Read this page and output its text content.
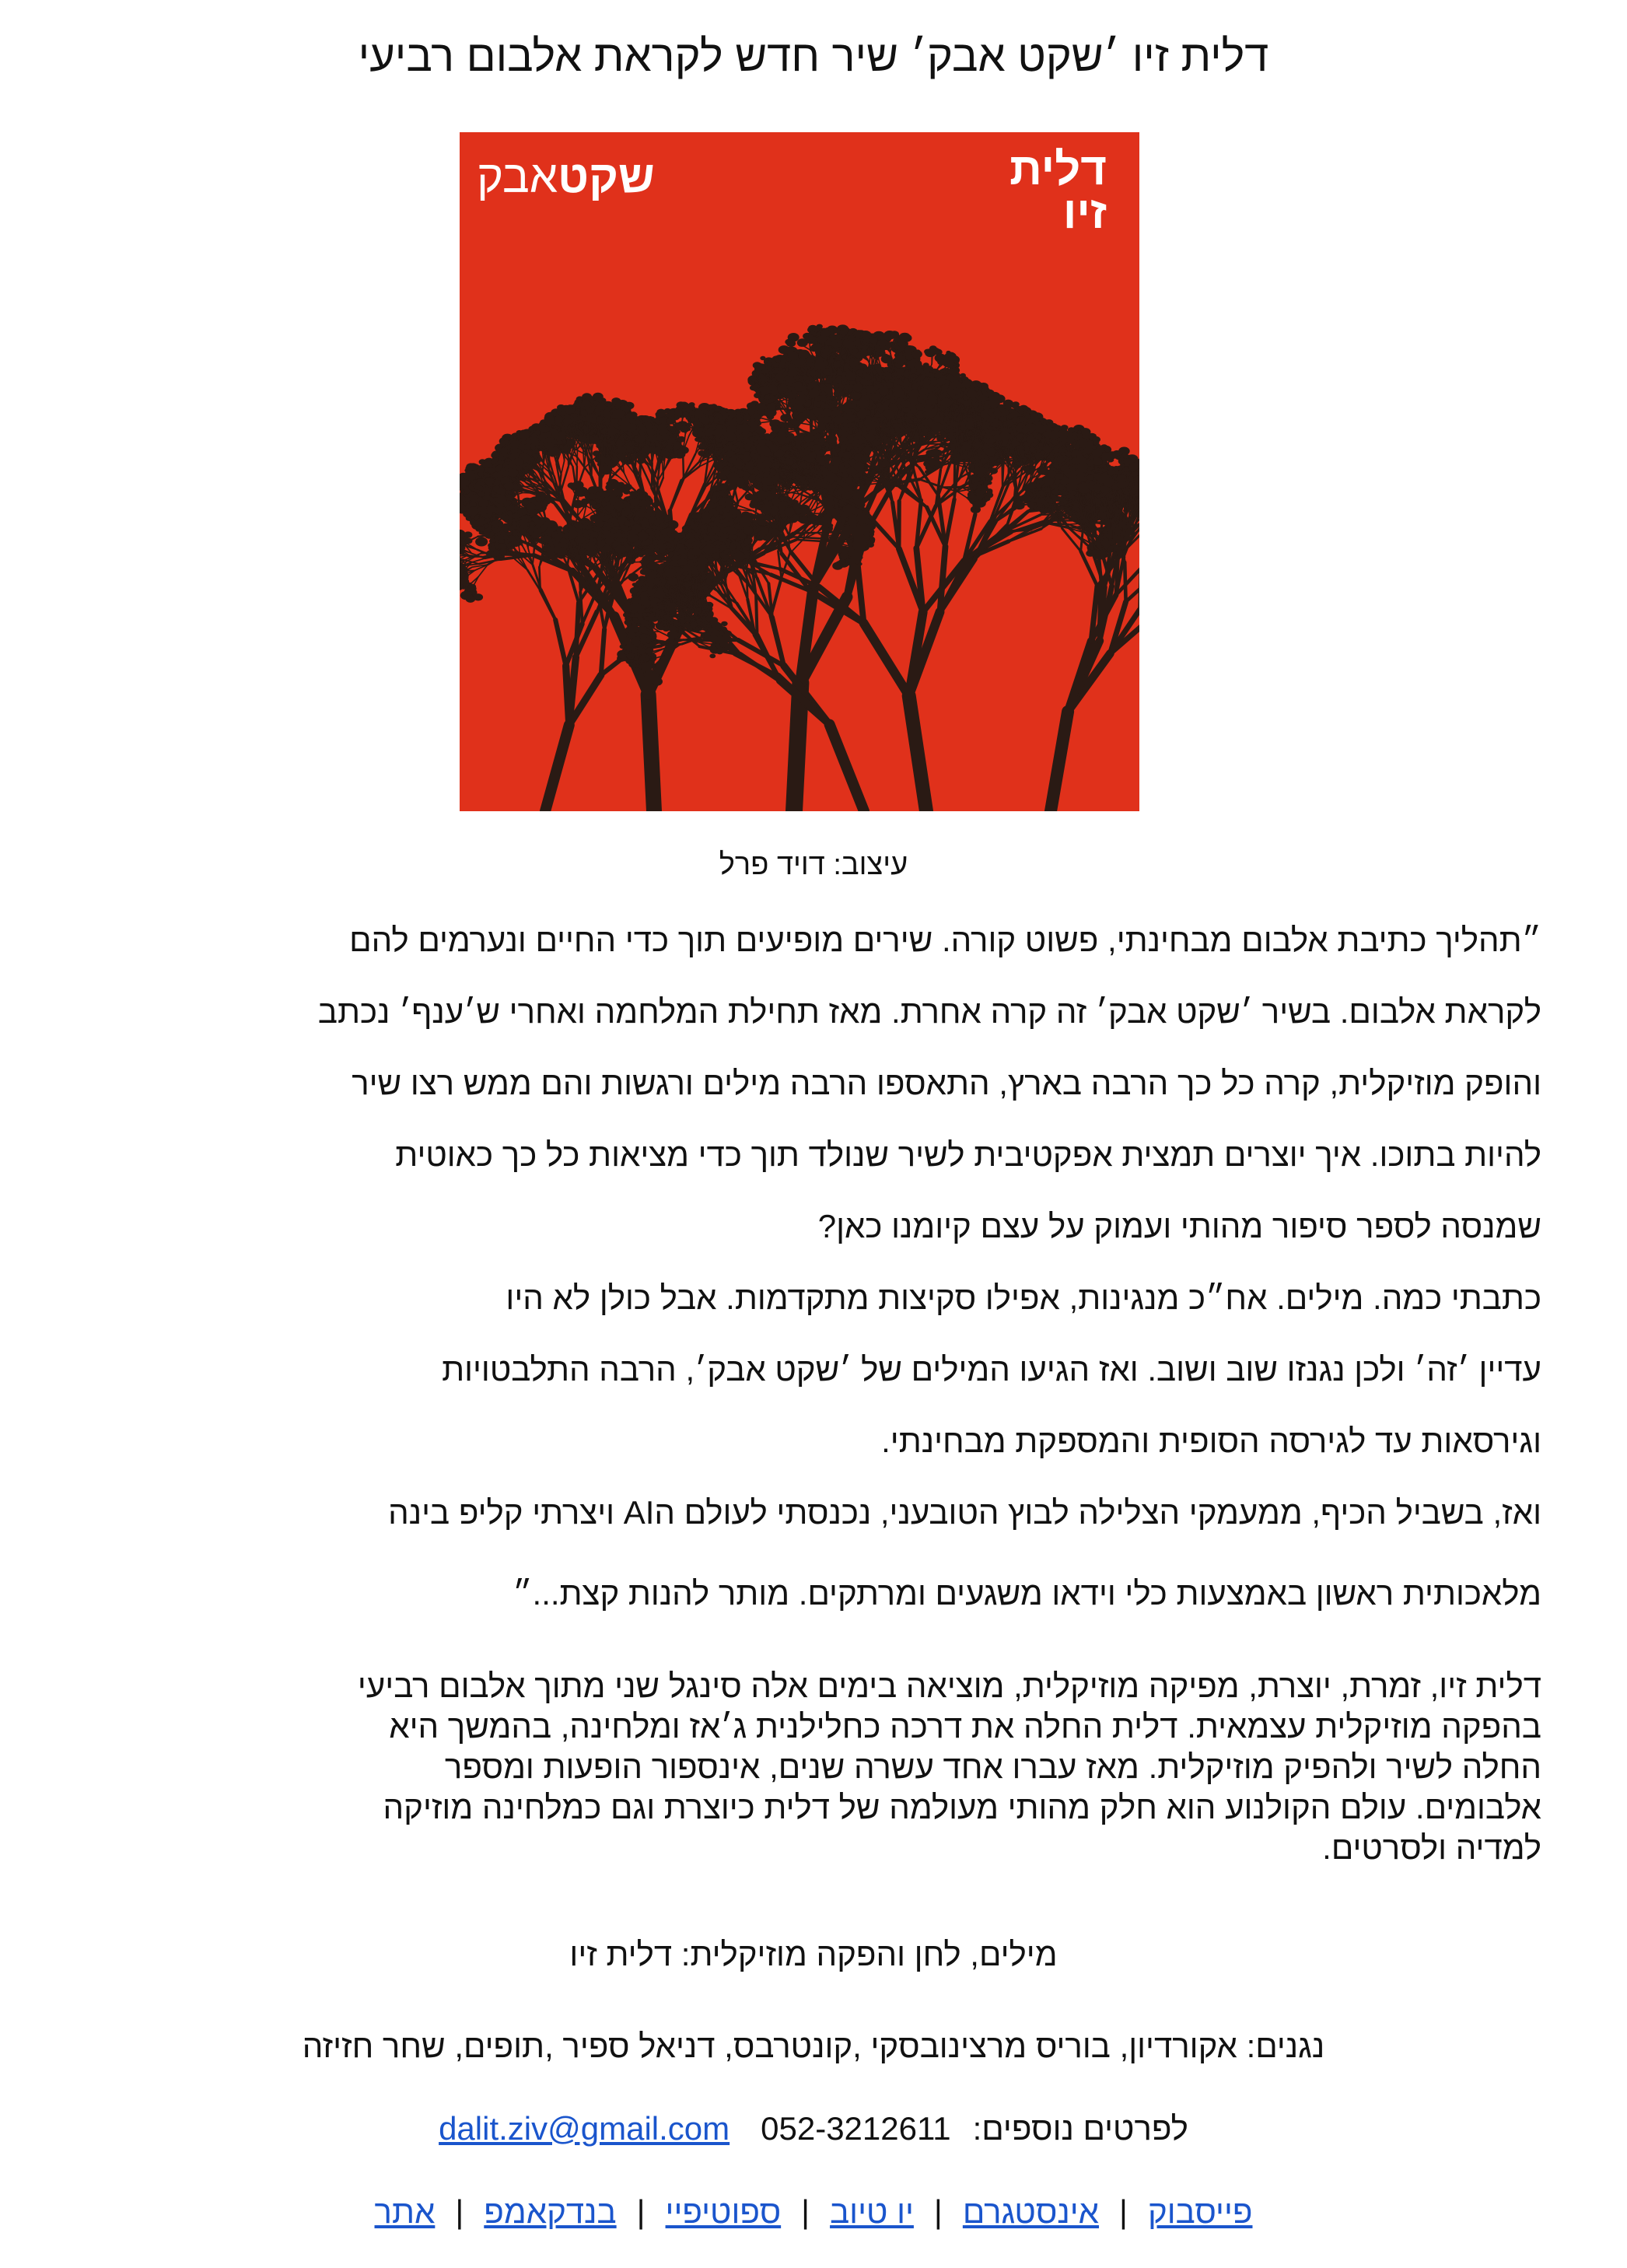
דלית זיו ׳שקט אבק׳ שיר חדש לקראת אלבום רביעי
דלית
זיו
שקטאבק
עיצוב: דויד פרל

״תהליך כתיבת אלבום מבחינתי, פשוט קורה. שירים מופיעים תוך כדי החיים ונערמים להם
לקראת אלבום. בשיר ׳שקט אבק׳ זה קרה אחרת. מאז תחילת המלחמה ואחרי ש׳ענף׳ נכתב
והופק מוזיקלית, קרה כל כך הרבה בארץ, התאספו הרבה מילים ורגשות והם ממש רצו שיר
להיות בתוכו. איך יוצרים תמצית אפקטיבית לשיר שנולד תוך כדי מציאות כל כך כאוטית
שמנסה לספר סיפור מהותי ועמוק על עצם קיומנו כאן?

כתבתי כמה. מילים. אח״כ מנגינות, אפילו סקיצות מתקדמות. אבל כולן לא היו
עדיין ׳זה׳ ולכן נגנזו שוב ושוב. ואז הגיעו המילים של ׳שקט אבק׳, הרבה התלבטויות
וגירסאות עד לגירסה הסופית והמספקת מבחינתי.

ואז, בשביל הכיף, ממעמקי הצלילה לבוץ הטובעני, נכנסתי לעולם הAI ויצרתי קליפ בינה
מלאכותית ראשון באמצעות כלי וידאו משגעים ומרתקים. מותר להנות קצת...״

דלית זיו, זמרת, יוצרת, מפיקה מוזיקלית, מוציאה בימים אלה סינגל שני מתוך אלבום רביעי
בהפקה מוזיקלית עצמאית. דלית החלה את דרכה כחלילנית ג׳אז ומלחינה, בהמשך היא
החלה לשיר ולהפיק מוזיקלית. מאז עברו אחד עשרה שנים, אינספור הופעות ומספר
אלבומים. עולם הקולנוע הוא חלק מהותי מעולמה של דלית כיוצרת וגם כמלחינה מוזיקה
למדיה ולסרטים.

מילים, לחן והפקה מוזיקלית: דלית זיו

נגנים: אקורדיון, בוריס מרצינובסקי ,קונטרבס, דניאל ספיר ,תופים, שחר חזיזה

לפרטים נוספים:052-3212611dalit.ziv@gmail.com
פייסבוק|אינסטגרם|יו טיוב|ספוטיפיי|בנדקאמפ|אתר
